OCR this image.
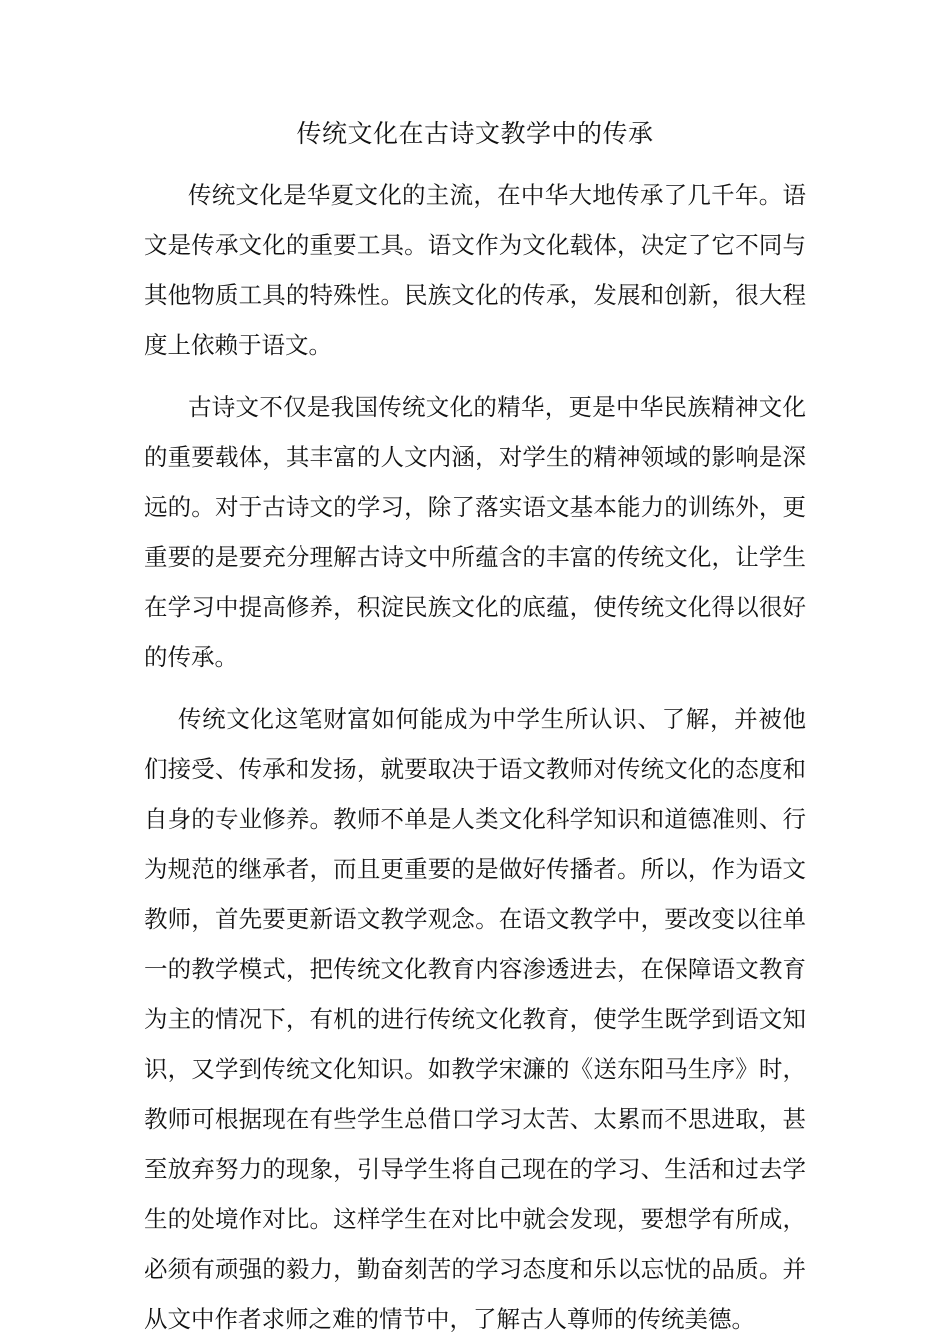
传统文化在古诗文教学中的传承

传统文化是华夏文化的主流，在中华大地传承了几千年。语文是传承文化的重要工具。语文作为文化载体，决定了它不同与其他物质工具的特殊性。民族文化的传承，发展和创新，很大程度上依赖于语文。

古诗文不仅是我国传统文化的精华，更是中华民族精神文化的重要载体，其丰富的人文内涵，对学生的精神领域的影响是深远的。对于古诗文的学习，除了落实语文基本能力的训练外，更重要的是要充分理解古诗文中所蕴含的丰富的传统文化，让学生在学习中提高修养，积淀民族文化的底蕴，使传统文化得以很好的传承。

传统文化这笔财富如何能成为中学生所认识、了解，并被他们接受、传承和发扬，就要取决于语文教师对传统文化的态度和自身的专业修养。教师不单是人类文化科学知识和道德准则、行为规范的继承者，而且更重要的是做好传播者。所以，作为语文教师，首先要更新语文教学观念。在语文教学中，要改变以往单一的教学模式，把传统文化教育内容渗透进去，在保障语文教育为主的情况下，有机的进行传统文化教育，使学生既学到语文知识，又学到传统文化知识。如教学宋濂的《送东阳马生序》时，教师可根据现在有些学生总借口学习太苦、太累而不思进取，甚至放弃努力的现象，引导学生将自己现在的学习、生活和过去学生的处境作对比。这样学生在对比中就会发现，要想学有所成，必须有顽强的毅力，勤奋刻苦的学习态度和乐以忘忧的品质。并从文中作者求师之难的情节中，了解古人尊师的传统美德。
